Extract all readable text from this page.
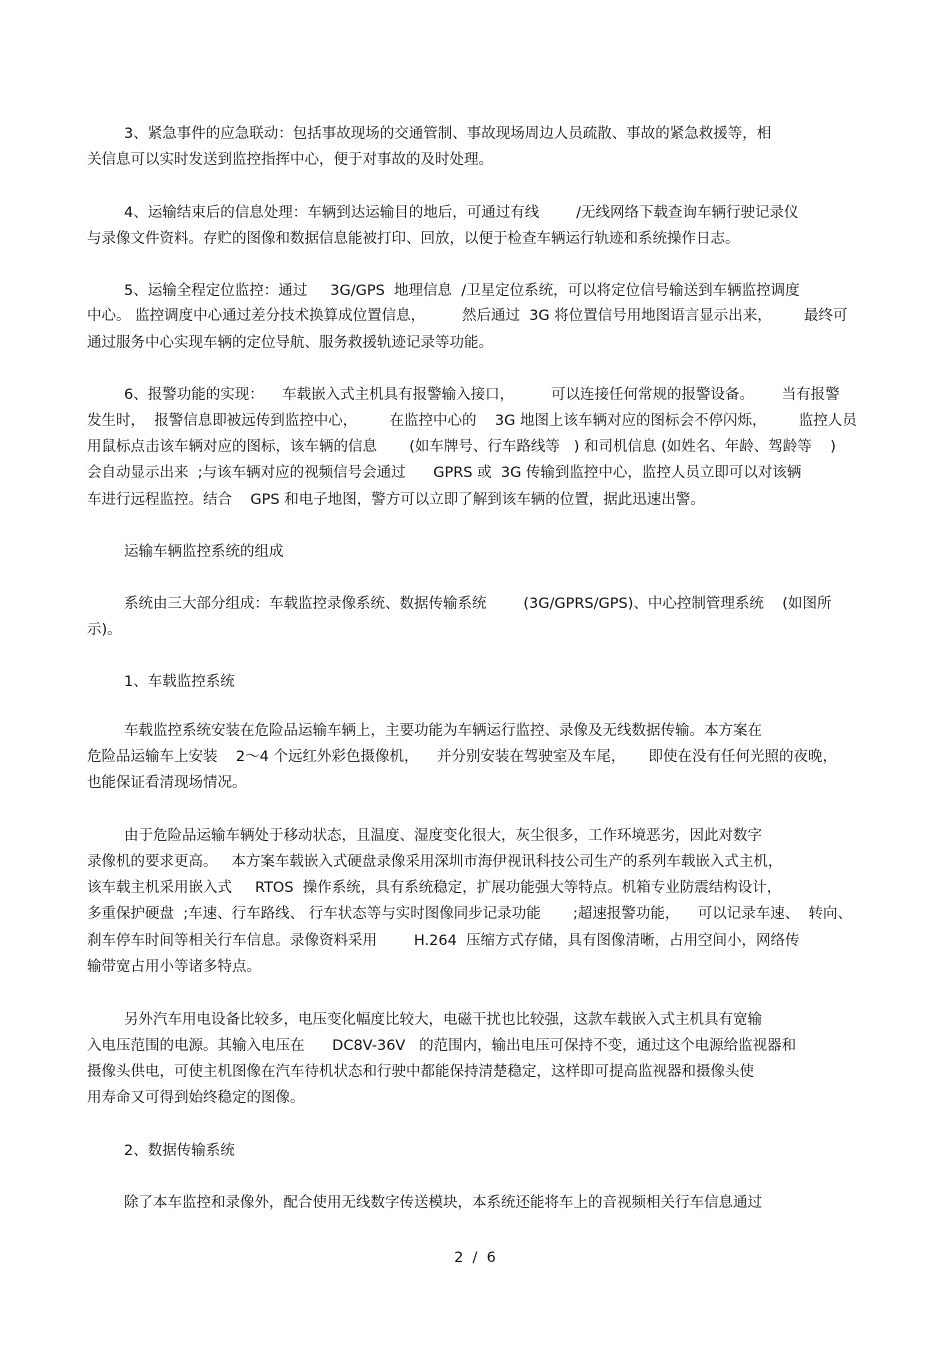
3、紧急事件的应急联动：包括事故现场的交通管制、事故现场周边人员疏散、事故的紧急救援等，相
关信息可以实时发送到监控指挥中心，便于对事故的及时处理。
4、运输结束后的信息处理：车辆到达运输目的地后，可通过有线        /无线网络下载查询车辆行驶记录仪
与录像文件资料。存贮的图像和数据信息能被打印、回放，以便于检查车辆运行轨迹和系统操作日志。
5、运输全程定位监控：通过     3G/GPS  地理信息  /卫星定位系统，可以将定位信号输送到车辆监控调度
中心。 监控调度中心通过差分技术换算成位置信息，        然后通过  3G 将位置信号用地图语言显示出来，       最终可
通过服务中心实现车辆的定位导航、服务救援轨迹记录等功能。
6、报警功能的实现：    车载嵌入式主机具有报警输入接口，        可以连接任何常规的报警设备。      当有报警
发生时，  报警信息即被远传到监控中心，       在监控中心的    3G 地图上该车辆对应的图标会不停闪烁，       监控人员
用鼠标点击该车辆对应的图标，该车辆的信息       (如车牌号、行车路线等   ) 和司机信息 (如姓名、年龄、驾龄等    )
会自动显示出来  ;与该车辆对应的视频信号会通过      GPRS 或  3G 传输到监控中心，监控人员立即可以对该辆
车进行远程监控。结合    GPS 和电子地图，警方可以立即了解到该车辆的位置，据此迅速出警。
运输车辆监控系统的组成
系统由三大部分组成：车载监控录像系统、数据传输系统        (3G/GPRS/GPS)、中心控制管理系统    (如图所
示)。
1、车载监控系统
车载监控系统安装在危险品运输车辆上，主要功能为车辆运行监控、录像及无线数据传输。本方案在
危险品运输车上安装    2～4 个远红外彩色摄像机，    并分别安装在驾驶室及车尾，     即使在没有任何光照的夜晚，
也能保证看清现场情况。
由于危险品运输车辆处于移动状态，且温度、湿度变化很大，灰尘很多，工作环境恶劣，因此对数字
录像机的要求更高。   本方案车载嵌入式硬盘录像采用深圳市海伊视讯科技公司生产的系列车载嵌入式主机，
该车载主机采用嵌入式     RTOS  操作系统，具有系统稳定，扩展功能强大等特点。机箱专业防震结构设计，
多重保护硬盘  ;车速、行车路线、 行车状态等与实时图像同步记录功能       ;超速报警功能，    可以记录车速、  转向、
刹车停车时间等相关行车信息。录像资料采用        H.264  压缩方式存储，具有图像清晰，占用空间小，网络传
输带宽占用小等诸多特点。
另外汽车用电设备比较多，电压变化幅度比较大，电磁干扰也比较强，这款车载嵌入式主机具有宽输
入电压范围的电源。其输入电压在      DC8V-36V   的范围内，输出电压可保持不变，通过这个电源给监视器和
摄像头供电，可使主机图像在汽车待机状态和行驶中都能保持清楚稳定，这样即可提高监视器和摄像头使
用寿命又可得到始终稳定的图像。
2、数据传输系统
除了本车监控和录像外，配合使用无线数字传送模块，本系统还能将车上的音视频相关行车信息通过
2  /  6
